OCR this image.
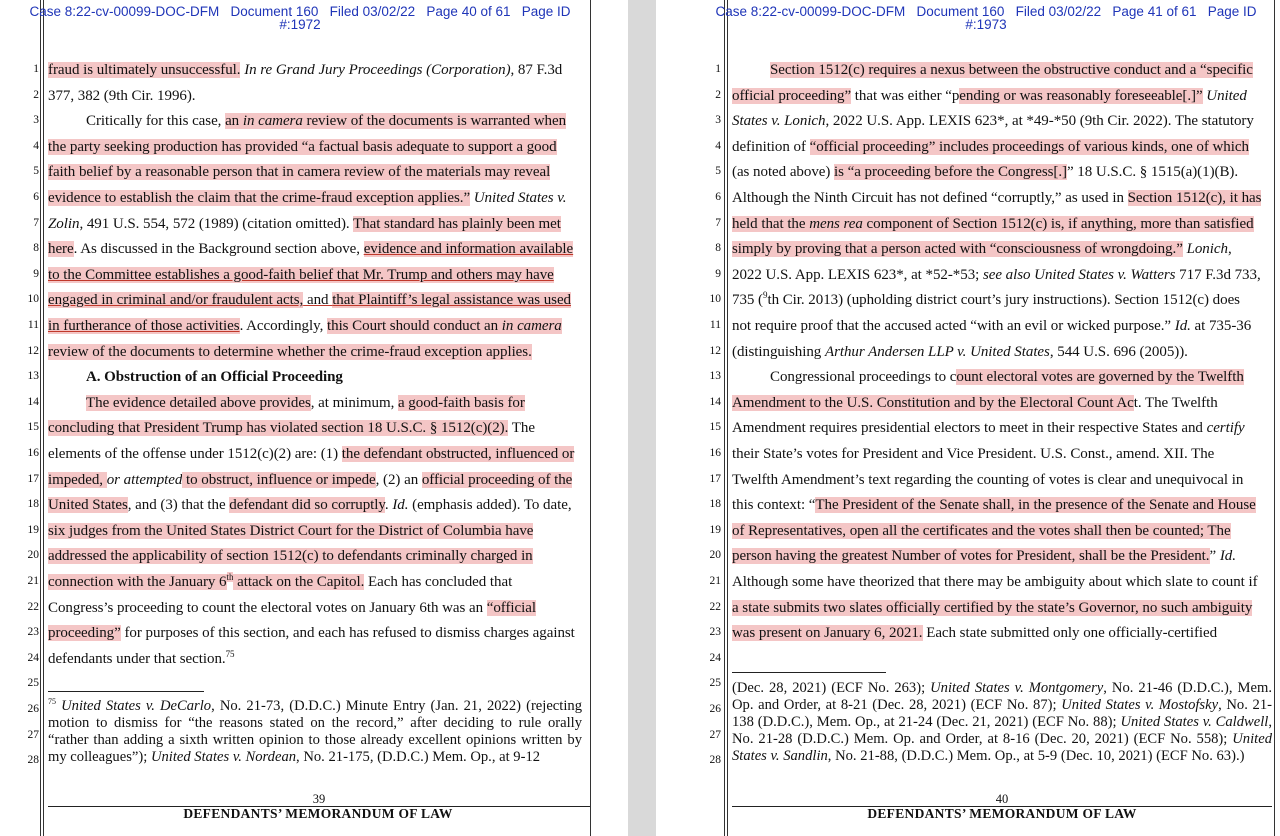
Case 8:22-cv-00099-DOC-DFM   Document 160   Filed 03/02/22   Page 40 of 61   Page ID
#:1972
fraud is ultimately unsuccessful. In re Grand Jury Proceedings (Corporation), 87 F.3d
1
377, 382 (9th Cir. 1996).
2
Critically for this case, an in camera review of the documents is warranted when
3
the party seeking production has provided “a factual basis adequate to support a good
4
faith belief by a reasonable person that in camera review of the materials may reveal
5
evidence to establish the claim that the crime-fraud exception applies.” United States v.
6
Zolin, 491 U.S. 554, 572 (1989) (citation omitted). That standard has plainly been met
7
here. As discussed in the Background section above, evidence and information available
8
to the Committee establishes a good-faith belief that Mr. Trump and others may have
9
engaged in criminal and/or fraudulent acts, and that Plaintiff’s legal assistance was used
10
in furtherance of those activities. Accordingly, this Court should conduct an in camera
11
review of the documents to determine whether the crime-fraud exception applies.
12
A. Obstruction of an Official Proceeding
13
The evidence detailed above provides, at minimum, a good-faith basis for
14
concluding that President Trump has violated section 18 U.S.C. § 1512(c)(2). The
15
elements of the offense under 1512(c)(2) are: (1) the defendant obstructed, influenced or
16
impeded, or attempted to obstruct, influence or impede, (2) an official proceeding of the
17
United States, and (3) that the defendant did so corruptly. Id. (emphasis added). To date,
18
six judges from the United States District Court for the District of Columbia have
19
addressed the applicability of section 1512(c) to defendants criminally charged in
20
connection with the January 6th attack on the Capitol. Each has concluded that
21
Congress’s proceeding to count the electoral votes on January 6th was an “official
22
proceeding” for purposes of this section, and each has refused to dismiss charges against
23
defendants under that section.$^{75}$
24
25
26
27
28
$^{75}$ United States v. DeCarlo, No. 21-73, (D.D.C.) Minute Entry (Jan. 21, 2022) (rejecting motion to dismiss for “the reasons stated on the record,” after deciding to rule orally “rather than adding a sixth written opinion to those already excellent opinions written by my colleagues”); United States v. Nordean, No. 21-175, (D.D.C.) Mem. Op., at 9-12
39
DEFENDANTS’ MEMORANDUM OF LAW
Case 8:22-cv-00099-DOC-DFM   Document 160   Filed 03/02/22   Page 41 of 61   Page ID
#:1973
Section 1512(c) requires a nexus between the obstructive conduct and a “specific
1
official proceeding” that was either “pending or was reasonably foreseeable[.]” United
2
States v. Lonich, 2022 U.S. App. LEXIS 623*, at *49-*50 (9th Cir. 2022). The statutory
3
definition of “official proceeding” includes proceedings of various kinds, one of which
4
(as noted above) is “a proceeding before the Congress[.]” 18 U.S.C. § 1515(a)(1)(B).
5
Although the Ninth Circuit has not defined “corruptly,” as used in Section 1512(c), it has
6
held that the mens rea component of Section 1512(c) is, if anything, more than satisfied
7
simply by proving that a person acted with “consciousness of wrongdoing.” Lonich,
8
2022 U.S. App. LEXIS 623*, at *52-*53; see also United States v. Watters 717 F.3d 733,
9
735 ($^9$th Cir. 2013) (upholding district court’s jury instructions). Section 1512(c) does
10
not require proof that the accused acted “with an evil or wicked purpose.” Id. at 735-36
11
(distinguishing Arthur Andersen LLP v. United States, 544 U.S. 696 (2005)).
12
Congressional proceedings to count electoral votes are governed by the Twelfth
13
Amendment to the U.S. Constitution and by the Electoral Count Act. The Twelfth
14
Amendment requires presidential electors to meet in their respective States and certify
15
their State’s votes for President and Vice President. U.S. Const., amend. XII. The
16
Twelfth Amendment’s text regarding the counting of votes is clear and unequivocal in
17
this context: “The President of the Senate shall, in the presence of the Senate and House
18
of Representatives, open all the certificates and the votes shall then be counted; The
19
person having the greatest Number of votes for President, shall be the President.” Id.
20
Although some have theorized that there may be ambiguity about which slate to count if
21
a state submits two slates officially certified by the state’s Governor, no such ambiguity
22
was present on January 6, 2021. Each state submitted only one officially-certified
23
24
25
26
27
28
(Dec. 28, 2021) (ECF No. 263); United States v. Montgomery, No. 21-46 (D.D.C.), Mem. Op. and Order, at 8-21 (Dec. 28, 2021) (ECF No. 87); United States v. Mostofsky, No. 21-138 (D.D.C.), Mem. Op., at 21-24 (Dec. 21, 2021) (ECF No. 88); United States v. Caldwell, No. 21-28 (D.D.C.) Mem. Op. and Order, at 8-16 (Dec. 20, 2021) (ECF No. 558); United States v. Sandlin, No. 21-88, (D.D.C.) Mem. Op., at 5-9 (Dec. 10, 2021) (ECF No. 63).)
40
DEFENDANTS’ MEMORANDUM OF LAW
